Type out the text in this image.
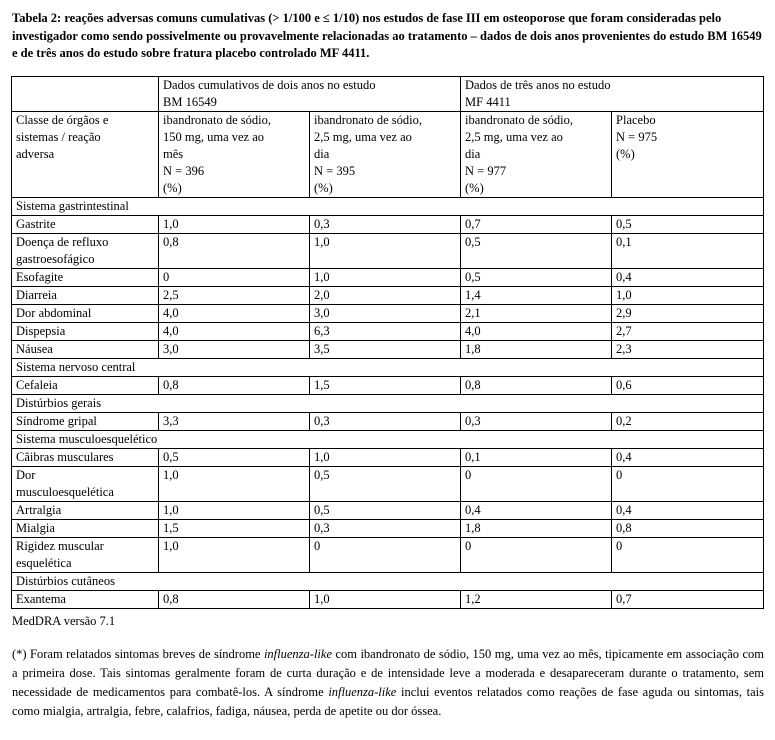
Tabela 2: reações adversas comuns cumulativas (> 1/100 e ≤ 1/10) nos estudos de fase III em osteoporose que foram consideradas pelo investigador como sendo possivelmente ou provavelmente relacionadas ao tratamento – dados de dois anos provenientes do estudo BM 16549 e de três anos do estudo sobre fratura placebo controlado MF 4411.
	Dados cumulativos de dois anos no estudo
BM 16549		Dados de três anos no estudo
MF 4411	
Classe de órgãos e
sistemas / reação
adversa	ibandronato de sódio,
150 mg, uma vez ao
mês
N = 396
(%)	ibandronato de sódio,
2,5 mg, uma vez ao
dia
N = 395
(%)	ibandronato de sódio,
2,5 mg, uma vez ao
dia
N = 977
(%)	Placebo
N = 975
(%)
Sistema gastrintestinal				
Gastrite	1,0	0,3	0,7	0,5
Doença de refluxo
gastroesofágico	0,8	1,0	0,5	0,1
Esofagite	0	1,0	0,5	0,4
Diarreia	2,5	2,0	1,4	1,0
Dor abdominal	4,0	3,0	2,1	2,9
Dispepsia	4,0	6,3	4,0	2,7
Náusea	3,0	3,5	1,8	2,3
Sistema nervoso central				
Cefaleia	0,8	1,5	0,8	0,6
Distúrbios gerais				
Síndrome gripal	3,3	0,3	0,3	0,2
Sistema musculoesquelético				
Câibras musculares	0,5	1,0	0,1	0,4
Dor
musculoesquelética	1,0	0,5	0	0
Artralgia	1,0	0,5	0,4	0,4
Mialgia	1,5	0,3	1,8	0,8
Rigidez muscular
esquelética	1,0	0	0	0
Distúrbios cutâneos				
Exantema	0,8	1,0	1,2	0,7
MedDRA versão 7.1
(*) Foram relatados sintomas breves de síndrome influenza-like com ibandronato de sódio, 150 mg, uma vez ao mês, tipicamente em associação com a primeira dose. Tais sintomas geralmente foram de curta duração e de intensidade leve a moderada e desapareceram durante o tratamento, sem necessidade de medicamentos para combatê-los. A síndrome influenza-like inclui eventos relatados como reações de fase aguda ou sintomas, tais como mialgia, artralgia, febre, calafrios, fadiga, náusea, perda de apetite ou dor óssea.
